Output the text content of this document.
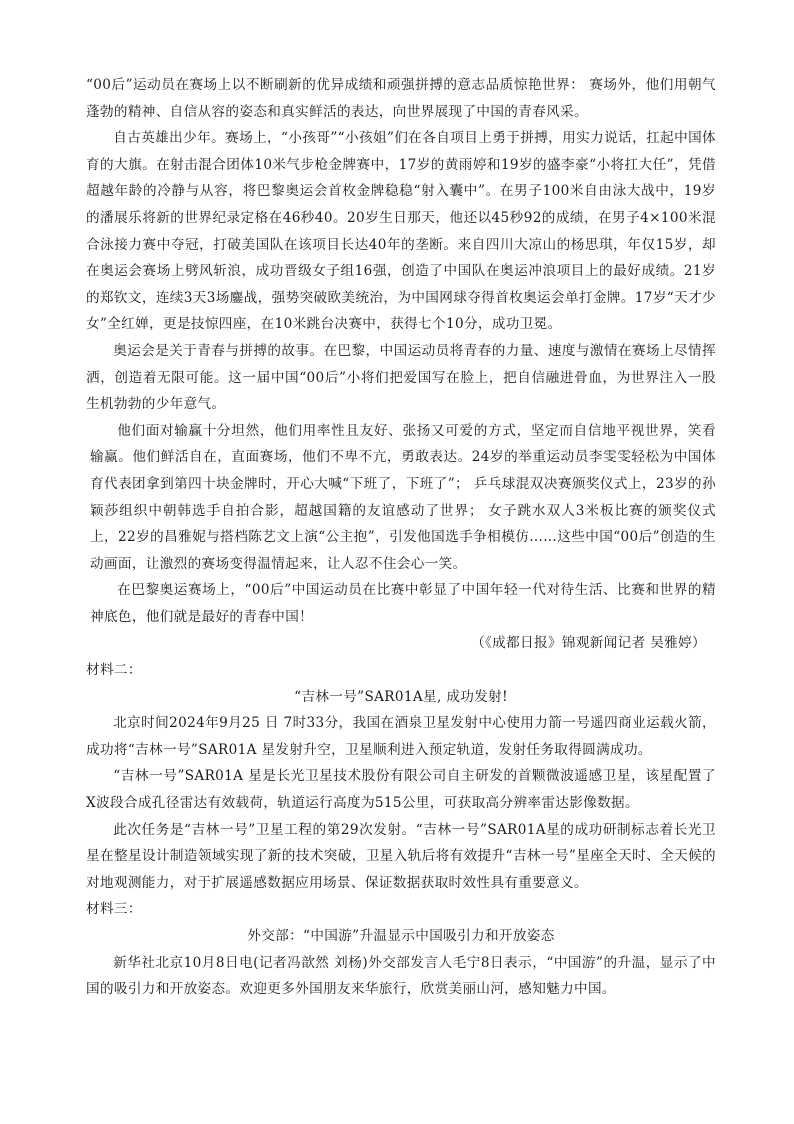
“00后”运动员在赛场上以不断刷新的优异成绩和顽强拼搏的意志品质惊艳世界： 赛场外，他们用朝气蓬勃的精神、自信从容的姿态和真实鲜活的表达，向世界展现了中国的青春风采。

自古英雄出少年。赛场上，“小孩哥”“小孩姐”们在各自项目上勇于拼搏，用实力说话，扛起中国体育的大旗。在射击混合团体10米气步枪金牌赛中，17岁的黄雨婷和19岁的盛李豪“小将扛大任”，凭借超越年龄的冷静与从容，将巴黎奥运会首枚金牌稳稳“射入囊中”。在男子100米自由泳大战中，19岁的潘展乐将新的世界纪录定格在46秒40。20岁生日那天，他还以45秒92的成绩，在男子4×100米混合泳接力赛中夺冠，打破美国队在该项目长达40年的垄断。来自四川大凉山的杨思琪，年仅15岁，却在奥运会赛场上劈风斩浪，成功晋级女子组16强，创造了中国队在奥运冲浪项目上的最好成绩。21岁的郑钦文，连续3天3场鏖战，强势突破欧美统治，为中国网球夺得首枚奥运会单打金牌。17岁“天才少女”全红婵，更是技惊四座，在10米跳台决赛中，获得七个10分，成功卫冕。

奥运会是关于青春与拼搏的故事。在巴黎，中国运动员将青春的力量、速度与激情在赛场上尽情挥洒，创造着无限可能。这一届中国“00后”小将们把爱国写在脸上，把自信融进骨血，为世界注入一股生机勃勃的少年意气。

他们面对输赢十分坦然，他们用率性且友好、张扬又可爱的方式，坚定而自信地平视世界，笑看输赢。他们鲜活自在，直面赛场，他们不卑不亢，勇敢表达。24岁的举重运动员李雯雯轻松为中国体育代表团拿到第四十块金牌时，开心大喊“下班了，下班了”； 乒乓球混双决赛颁奖仪式上，23岁的孙颖莎组织中朝韩选手自拍合影，超越国籍的友谊感动了世界； 女子跳水双人3米板比赛的颁奖仪式上，22岁的昌雅妮与搭档陈艺文上演“公主抱”，引发他国选手争相模仿……这些中国“00后”创造的生动画面，让激烈的赛场变得温情起来，让人忍不住会心一笑。

在巴黎奥运赛场上，“00后”中国运动员在比赛中彰显了中国年轻一代对待生活、比赛和世界的精神底色，他们就是最好的青春中国！

（《成都日报》锦观新闻记者 吴雅婷）

材料二：

“吉林一号”SAR01A星, 成功发射!

北京时间2024年9月25 日 7时33分，我国在酒泉卫星发射中心使用力箭一号遥四商业运载火箭，成功将“吉林一号”SAR01A 星发射升空，卫星顺利进入预定轨道，发射任务取得圆满成功。

“吉林一号”SAR01A 星是长光卫星技术股份有限公司自主研发的首颗微波遥感卫星，该星配置了X波段合成孔径雷达有效载荷，轨道运行高度为515公里，可获取高分辨率雷达影像数据。

此次任务是“吉林一号”卫星工程的第29次发射。“吉林一号”SAR01A星的成功研制标志着长光卫星在整星设计制造领域实现了新的技术突破，卫星入轨后将有效提升“吉林一号”星座全天时、全天候的对地观测能力，对于扩展遥感数据应用场景、保证数据获取时效性具有重要意义。

材料三：

外交部：“中国游”升温显示中国吸引力和开放姿态

新华社北京10月8日电(记者冯歆然 刘杨)外交部发言人毛宁8日表示，“中国游”的升温，显示了中国的吸引力和开放姿态。欢迎更多外国朋友来华旅行，欣赏美丽山河，感知魅力中国。
